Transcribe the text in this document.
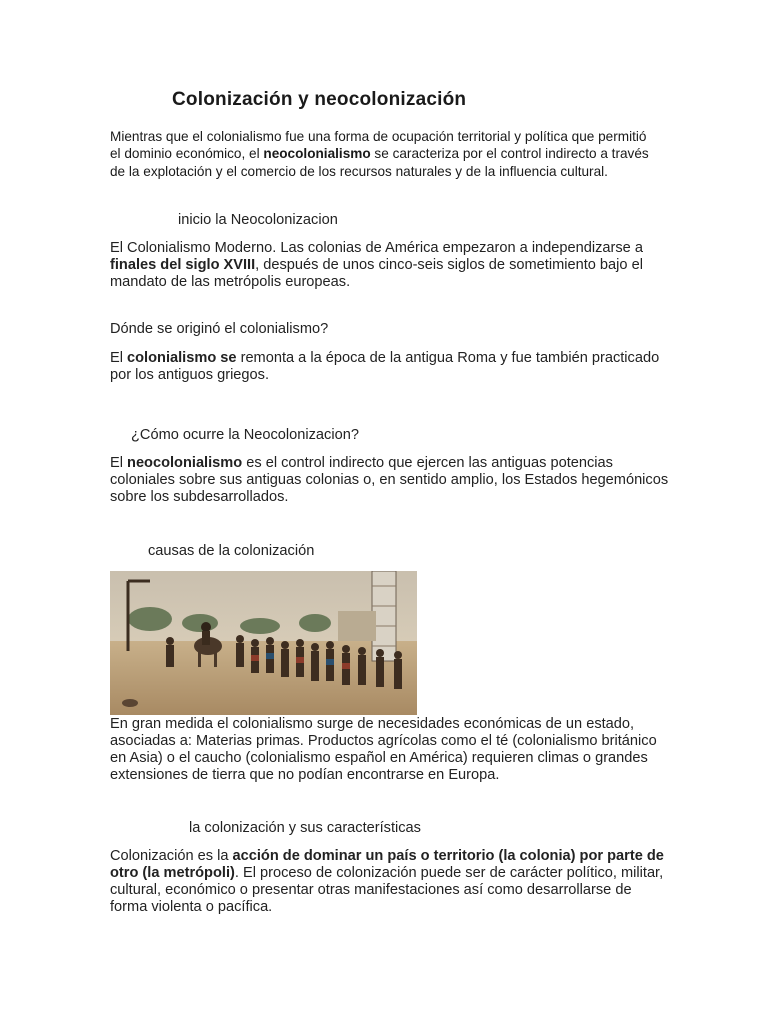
Colonización y neocolonización
Mientras que el colonialismo fue una forma de ocupación territorial y política que permitió el dominio económico, el neocolonialismo se caracteriza por el control indirecto a través de la explotación y el comercio de los recursos naturales y de la influencia cultural.
inicio la Neocolonizacion
El Colonialismo Moderno. Las colonias de América empezaron a independizarse a finales del siglo XVIII, después de unos cinco-seis siglos de sometimiento bajo el mandato de las metrópolis europeas.
Dónde se originó el colonialismo?
El colonialismo se remonta a la época de la antigua Roma y fue también practicado por los antiguos griegos.
¿Cómo ocurre la Neocolonizacion?
El neocolonialismo es el control indirecto que ejercen las antiguas potencias coloniales sobre sus antiguas colonias o, en sentido amplio, los Estados hegemónicos sobre los subdesarrollados.
causas de la colonización
En gran medida el colonialismo surge de necesidades económicas de un estado, asociadas a: Materias primas. Productos agrícolas como el té (colonialismo británico en Asia) o el caucho (colonialismo español en América) requieren climas o grandes extensiones de tierra que no podían encontrarse en Europa.
la colonización y sus características
Colonización es la acción de dominar un país o territorio (la colonia) por parte de otro (la metrópoli). El proceso de colonización puede ser de carácter político, militar, cultural, económico o presentar otras manifestaciones así como desarrollarse de forma violenta o pacífica.
